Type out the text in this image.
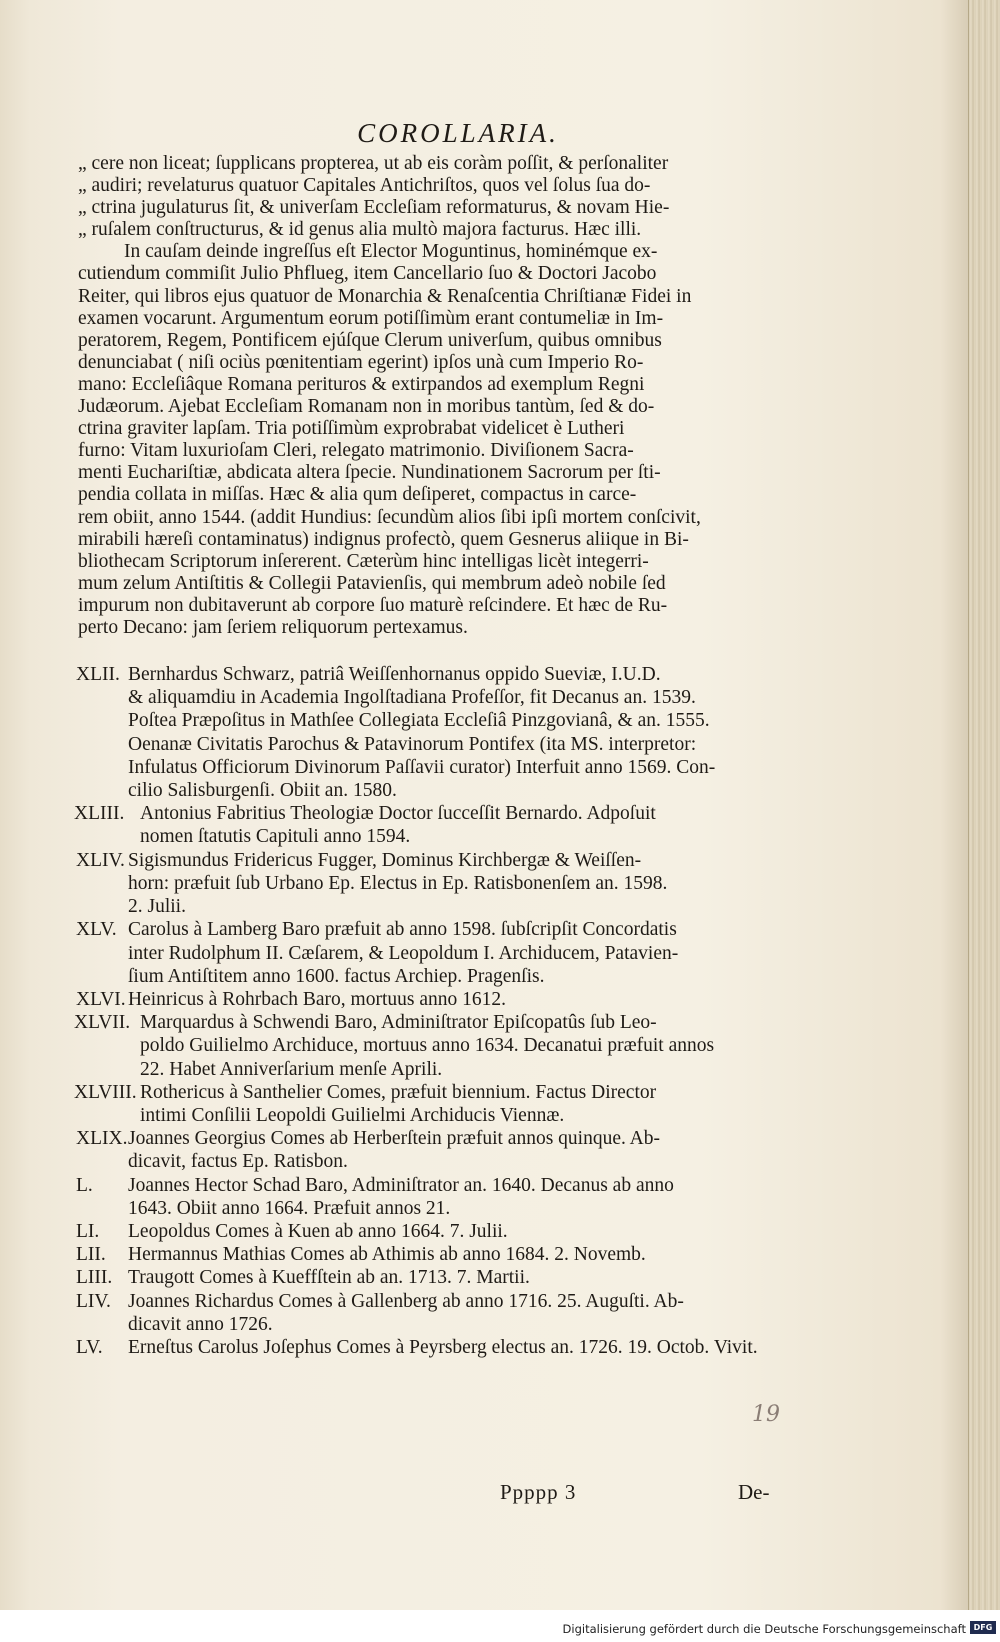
COROLLARIA.
„ cere non liceat; ſupplicans propterea, ut ab eis coràm poſſit, & perſonaliter
„ audiri; revelaturus quatuor Capitales Antichriſtos, quos vel ſolus ſua do-
„ ctrina jugulaturus ſit, & univerſam Eccleſiam reformaturus, & novam Hie-
„ ruſalem conſtructurus, & id genus alia multò majora facturus. Hæc illi.
In cauſam deinde ingreſſus eſt Elector Moguntinus, hominémque ex-
cutiendum commiſit Julio Phflueg, item Cancellario ſuo & Doctori Jacobo
Reiter, qui libros ejus quatuor de Monarchia & Renaſcentia Chriſtianæ Fidei in
examen vocarunt. Argumentum eorum potiſſimùm erant contumeliæ in Im-
peratorem, Regem, Pontificem ejúſque Clerum univerſum, quibus omnibus
denunciabat ( niſi ociùs pœnitentiam egerint) ipſos unà cum Imperio Ro-
mano: Eccleſiâque Romana perituros & extirpandos ad exemplum Regni
Judæorum. Ajebat Eccleſiam Romanam non in moribus tantùm, ſed & do-
ctrina graviter lapſam. Tria potiſſimùm exprobrabat videlicet è Lutheri
furno: Vitam luxurioſam Cleri, relegato matrimonio. Diviſionem Sacra-
menti Euchariſtiæ, abdicata altera ſpecie. Nundinationem Sacrorum per ſti-
pendia collata in miſſas. Hæc & alia qum deſiperet, compactus in carce-
rem obiit, anno 1544. (addit Hundius: ſecundùm alios ſibi ipſi mortem conſcivit,
mirabili hæreſi contaminatus) indignus profectò, quem Gesnerus aliique in Bi-
bliothecam Scriptorum inſererent. Cæterùm hinc intelligas licèt integerri-
mum zelum Antiſtitis & Collegii Patavienſis, qui membrum adeò nobile ſed
impurum non dubitaverunt ab corpore ſuo maturè reſcindere. Et hæc de Ru-
perto Decano: jam ſeriem reliquorum pertexamus.
XLII. Bernhardus Schwarz, patriâ Weiſſenhornanus oppido Sueviæ, I.U.D.
& aliquamdiu in Academia Ingolſtadiana Profeſſor, fit Decanus an. 1539.
Poſtea Præpoſitus in Mathſee Collegiata Eccleſiâ Pinzgovianâ, & an. 1555.
Oenanæ Civitatis Parochus & Patavinorum Pontifex (ita MS. interpretor:
Infulatus Officiorum Divinorum Paſſavii curator) Interfuit anno 1569. Con-
cilio Salisburgenſi. Obiit an. 1580.
XLIII. Antonius Fabritius Theologiæ Doctor ſucceſſit Bernardo. Adpoſuit
nomen ſtatutis Capituli anno 1594.
XLIV. Sigismundus Fridericus Fugger, Dominus Kirchbergæ & Weiſſen-
horn: præfuit ſub Urbano Ep. Electus in Ep. Ratisbonenſem an. 1598.
2. Julii.
XLV. Carolus à Lamberg Baro præfuit ab anno 1598. ſubſcripſit Concordatis
inter Rudolphum II. Cæſarem, & Leopoldum I. Archiducem, Patavien-
ſium Antiſtitem anno 1600. factus Archiep. Pragenſis.
XLVI. Heinricus à Rohrbach Baro, mortuus anno 1612.
XLVII. Marquardus à Schwendi Baro, Adminiſtrator Epiſcopatûs ſub Leo-
poldo Guilielmo Archiduce, mortuus anno 1634. Decanatui præfuit annos
22. Habet Anniverſarium menſe Aprili.
XLVIII. Rothericus à Santhelier Comes, præfuit biennium. Factus Director
intimi Conſilii Leopoldi Guilielmi Archiducis Viennæ.
XLIX. Joannes Georgius Comes ab Herberſtein præfuit annos quinque. Ab-
dicavit, factus Ep. Ratisbon.
L. Joannes Hector Schad Baro, Adminiſtrator an. 1640. Decanus ab anno
1643. Obiit anno 1664. Præfuit annos 21.
LI. Leopoldus Comes à Kuen ab anno 1664. 7. Julii.
LII. Hermannus Mathias Comes ab Athimis ab anno 1684. 2. Novemb.
LIII. Traugott Comes à Kueffſtein ab an. 1713. 7. Martii.
LIV. Joannes Richardus Comes à Gallenberg ab anno 1716. 25. Auguſti. Ab-
dicavit anno 1726.
LV. Erneſtus Carolus Joſephus Comes à Peyrsberg electus an. 1726. 19. Octob. Vivit.
19
Ppppp 3	De-
Digitalisierung gefördert durch die Deutsche Forschungsgemeinschaft DFG
